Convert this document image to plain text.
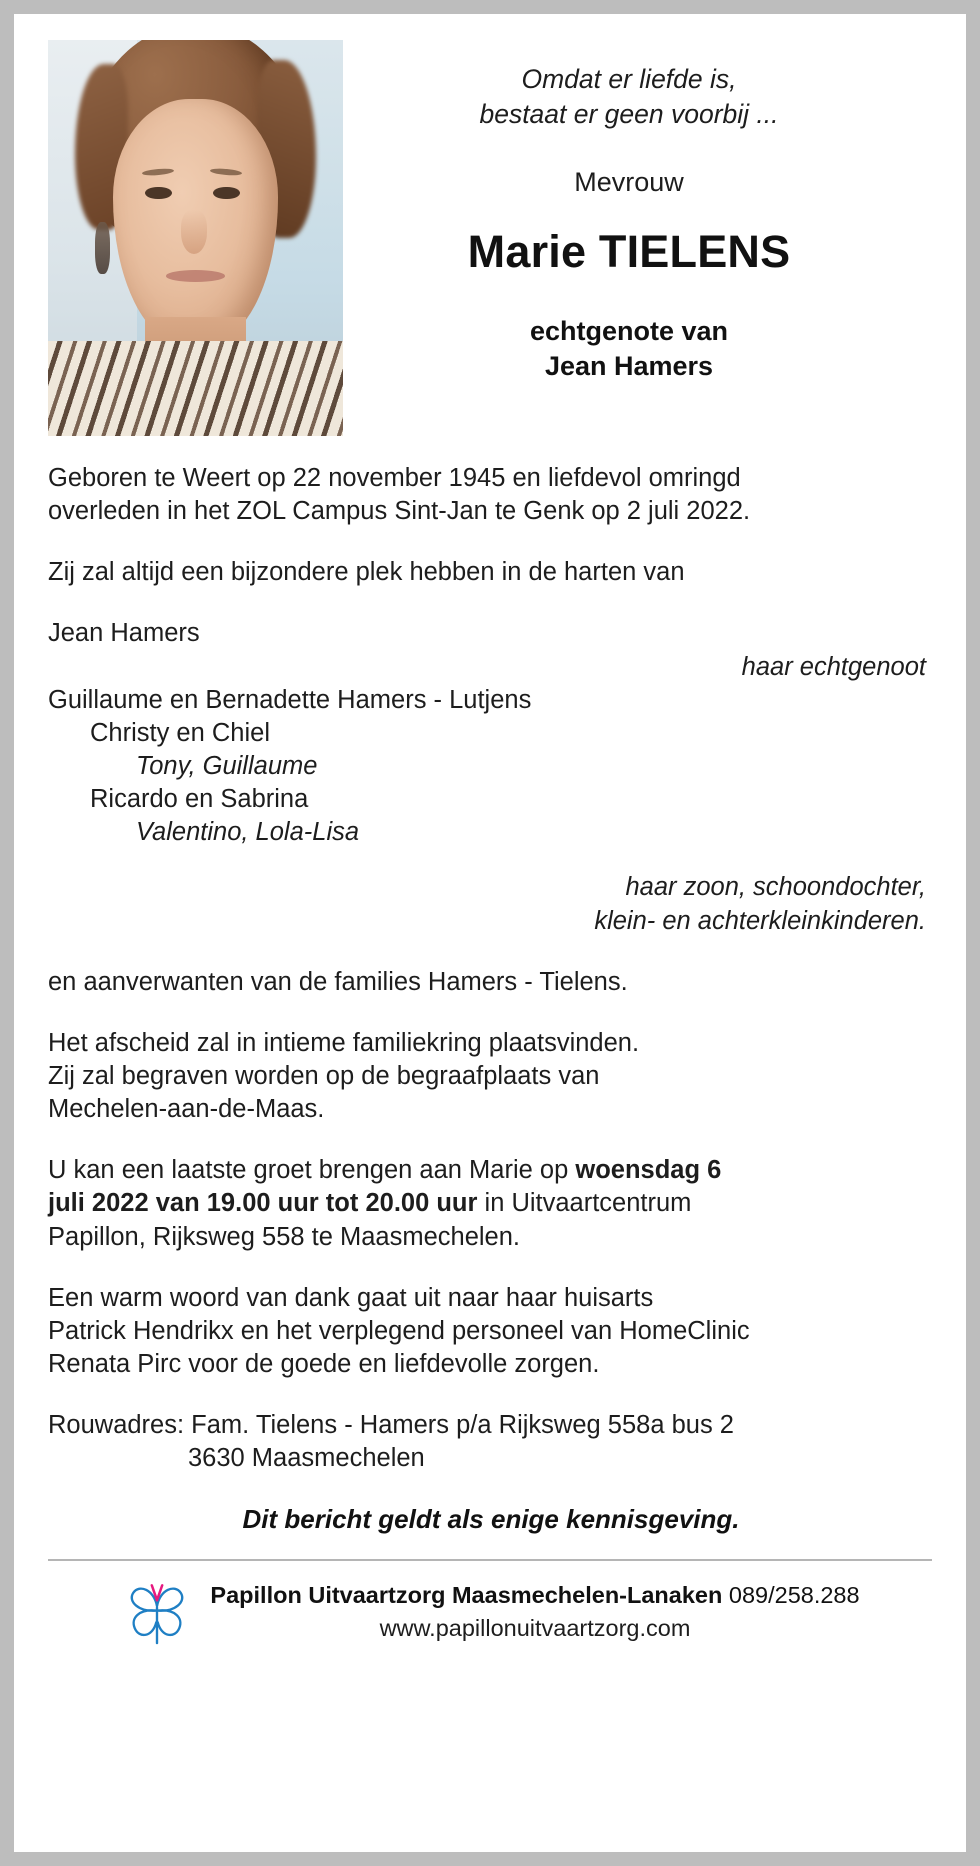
Omdat er liefde is,
bestaat er geen voorbij ...
Mevrouw
Marie TIELENS
echtgenote van
Jean Hamers

Geboren te Weert op 22 november 1945 en liefdevol omringd
overleden in het ZOL Campus Sint-Jan te Genk op 2 juli 2022.

Zij zal altijd een bijzondere plek hebben in de harten van

Jean Hamers
haar echtgenoot

Guillaume en Bernadette Hamers - Lutjens
Christy en Chiel
Tony, Guillaume
Ricardo en Sabrina
Valentino, Lola-Lisa

haar zoon, schoondochter,
klein- en achterkleinkinderen.

en aanverwanten van de families Hamers - Tielens.

Het afscheid zal in intieme familiekring plaatsvinden.
Zij zal begraven worden op de begraafplaats van
Mechelen-aan-de-Maas.

U kan een laatste groet brengen aan Marie op woensdag 6
juli 2022 van 19.00 uur tot 20.00 uur in Uitvaartcentrum
Papillon, Rijksweg 558 te Maasmechelen.

Een warm woord van dank gaat uit naar haar huisarts
Patrick Hendrikx en het verplegend personeel van HomeClinic
Renata Pirc voor de goede en liefdevolle zorgen.

Rouwadres: Fam. Tielens - Hamers p/a Rijksweg 558a bus 2
3630 Maasmechelen

Dit bericht geldt als enige kennisgeving.

Papillon Uitvaartzorg Maasmechelen-Lanaken 089/258.288
www.papillonuitvaartzorg.com
